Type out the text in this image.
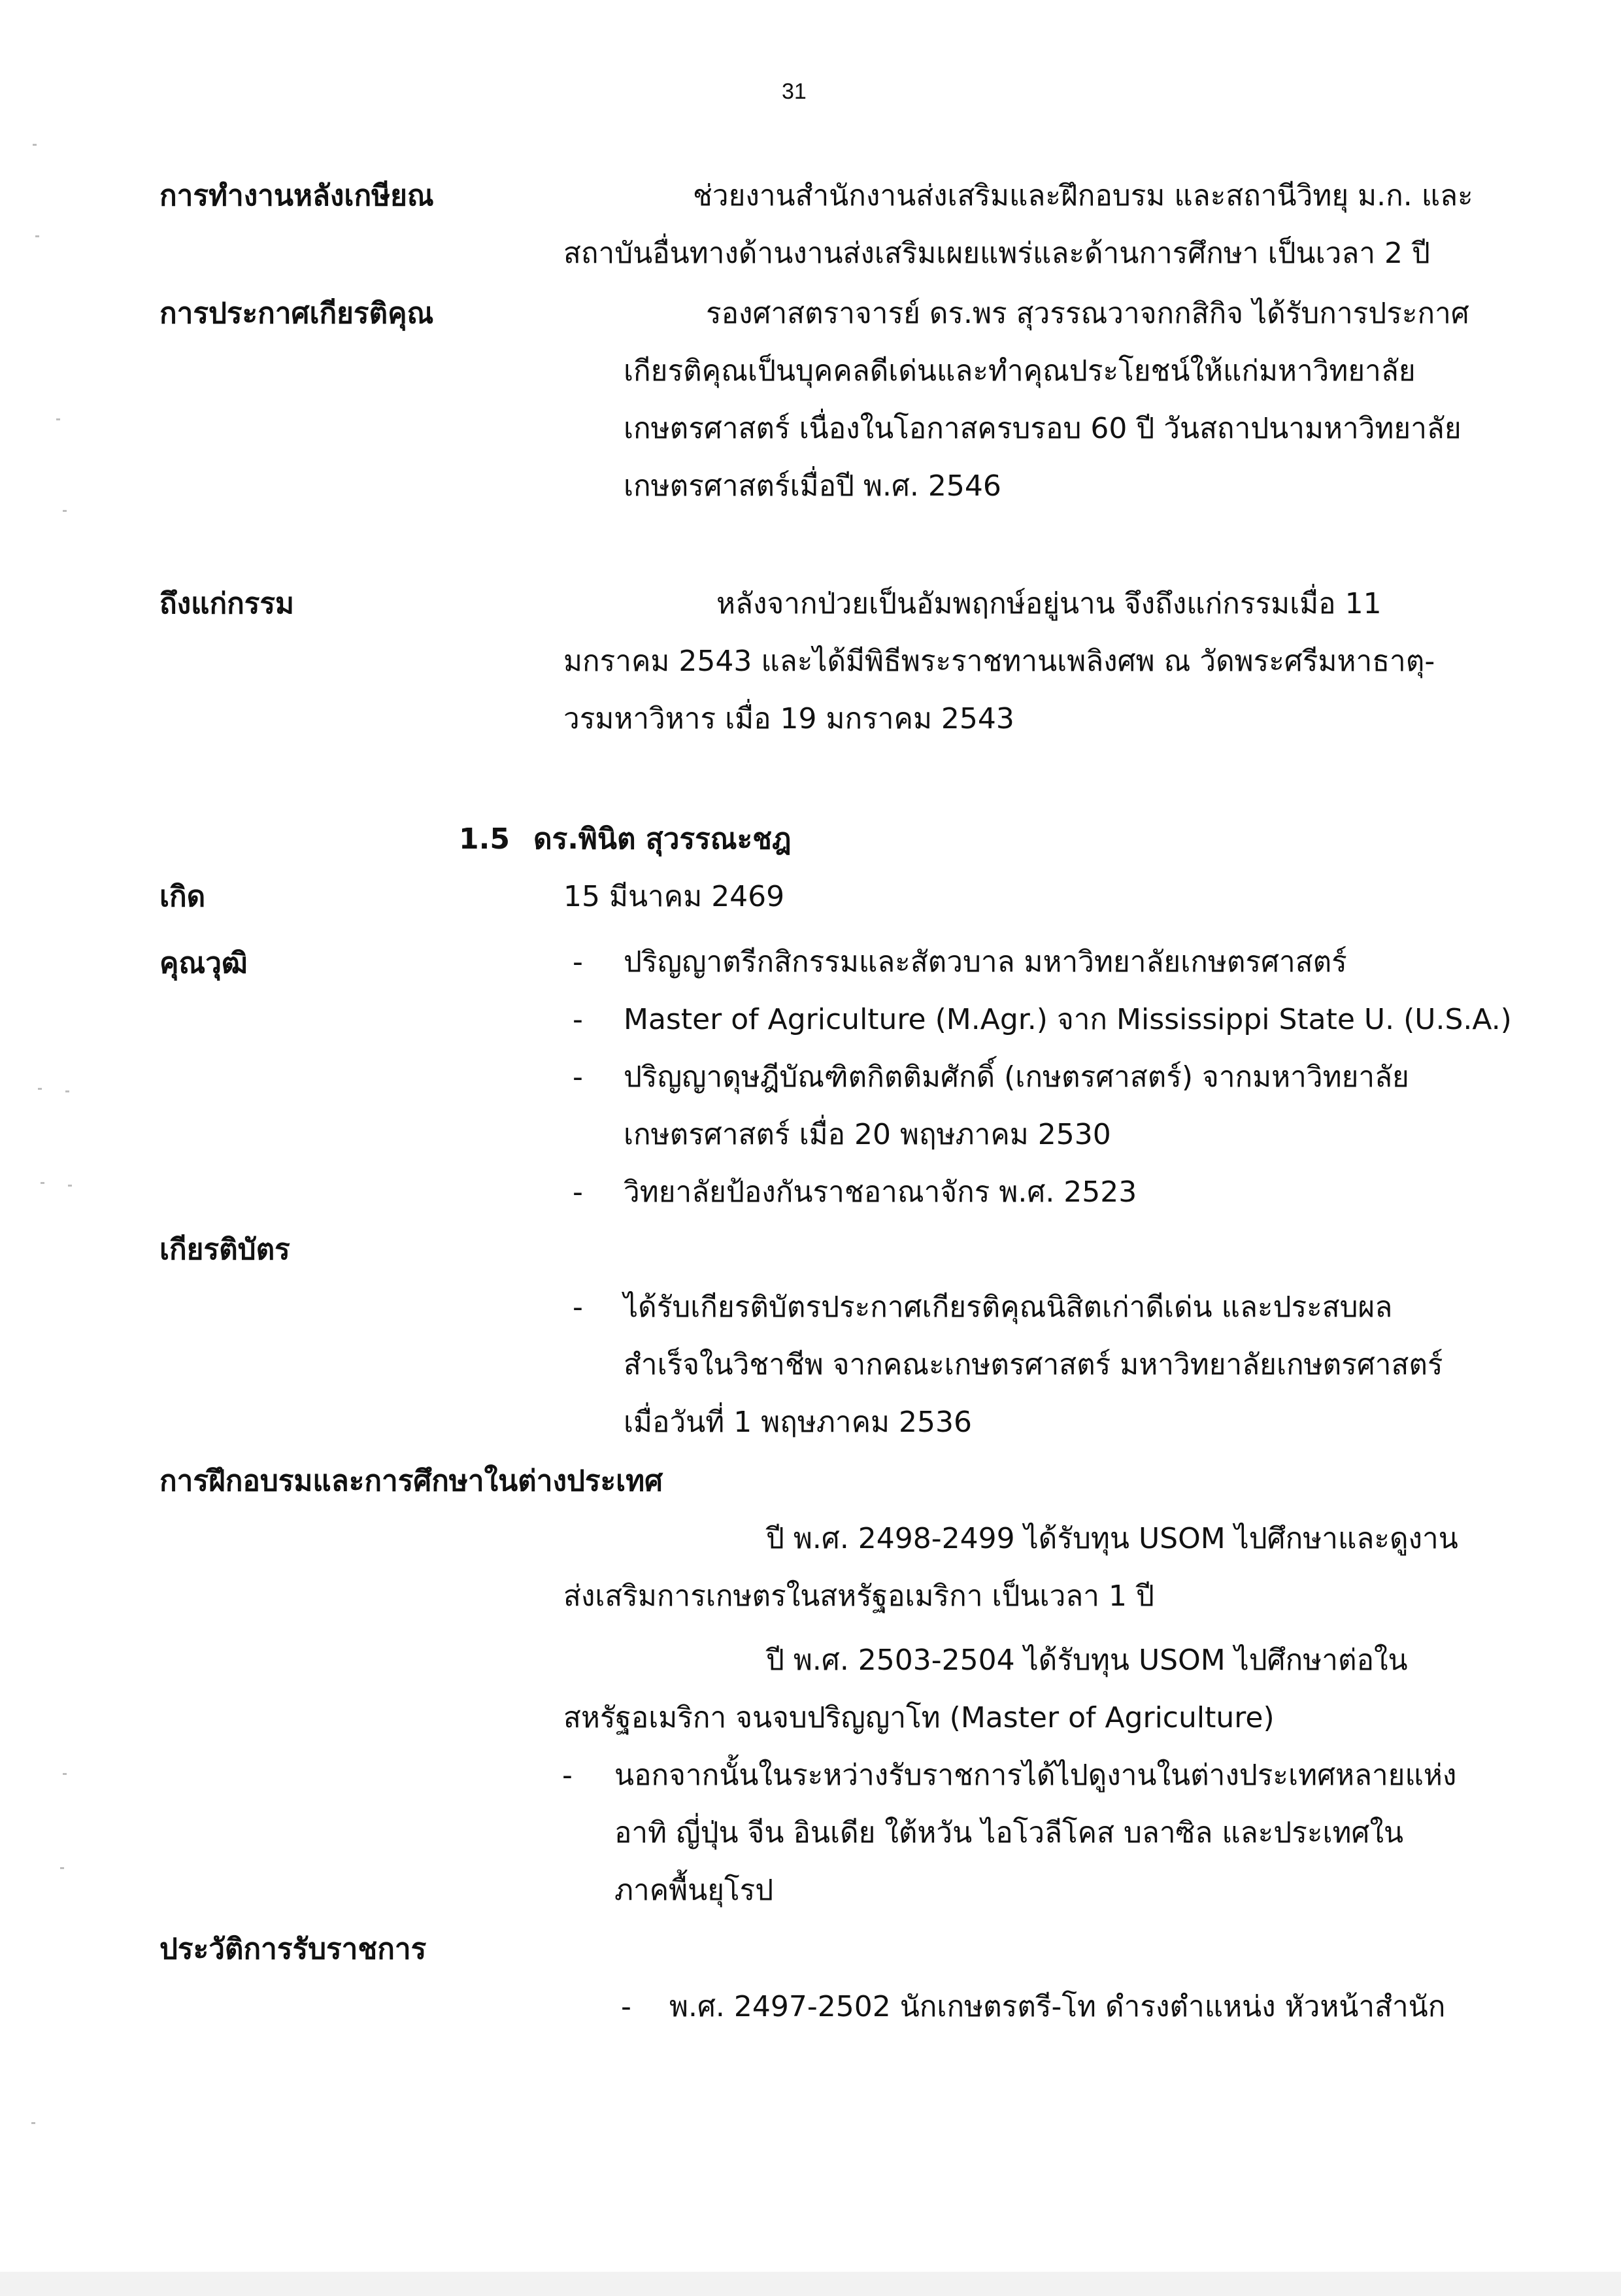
31
การทำงานหลังเกษียณ	ช่วยงานสำนักงานส่งเสริมและฝึกอบรม และสถานีวิทยุ ม.ก. และ
สถาบันอื่นทางด้านงานส่งเสริมเผยแพร่และด้านการศึกษา เป็นเวลา 2 ปี
การประกาศเกียรติคุณ	รองศาสตราจารย์ ดร.พร สุวรรณวาจกกสิกิจ ได้รับการประกาศ
เกียรติคุณเป็นบุคคลดีเด่นและทำคุณประโยชน์ให้แก่มหาวิทยาลัย
เกษตรศาสตร์ เนื่องในโอกาสครบรอบ 60 ปี วันสถาปนามหาวิทยาลัย
เกษตรศาสตร์เมื่อปี พ.ศ. 2546
ถึงแก่กรรม	หลังจากป่วยเป็นอัมพฤกษ์อยู่นาน จึงถึงแก่กรรมเมื่อ 11
มกราคม 2543 และได้มีพิธีพระราชทานเพลิงศพ ณ วัดพระศรีมหาธาตุ-
วรมหาวิหาร เมื่อ 19 มกราคม 2543
1.5 ดร.พินิต สุวรรณะชฎ
เกิด	15 มีนาคม 2469
คุณวุฒิ	- ปริญญาตรีกสิกรรมและสัตวบาล มหาวิทยาลัยเกษตรศาสตร์
- Master of Agriculture (M.Agr.) จาก Mississippi State U. (U.S.A.)
- ปริญญาดุษฎีบัณฑิตกิตติมศักดิ์ (เกษตรศาสตร์) จากมหาวิทยาลัย
เกษตรศาสตร์ เมื่อ 20 พฤษภาคม 2530
- วิทยาลัยป้องกันราชอาณาจักร พ.ศ. 2523
เกียรติบัตร
- ได้รับเกียรติบัตรประกาศเกียรติคุณนิสิตเก่าดีเด่น และประสบผล
สำเร็จในวิชาชีพ จากคณะเกษตรศาสตร์ มหาวิทยาลัยเกษตรศาสตร์
เมื่อวันที่ 1 พฤษภาคม 2536
การฝึกอบรมและการศึกษาในต่างประเทศ
ปี พ.ศ. 2498-2499 ได้รับทุน USOM ไปศึกษาและดูงาน
ส่งเสริมการเกษตรในสหรัฐอเมริกา เป็นเวลา 1 ปี
ปี พ.ศ. 2503-2504 ได้รับทุน USOM ไปศึกษาต่อใน
สหรัฐอเมริกา จนจบปริญญาโท (Master of Agriculture)
- นอกจากนั้นในระหว่างรับราชการได้ไปดูงานในต่างประเทศหลายแห่ง
อาทิ ญี่ปุ่น จีน อินเดีย ใต้หวัน ไอโวลีโคส บลาซิล และประเทศใน
ภาคพื้นยุโรป
ประวัติการรับราชการ
- พ.ศ. 2497-2502 นักเกษตรตรี-โท ดำรงตำแหน่ง หัวหน้าสำนัก
